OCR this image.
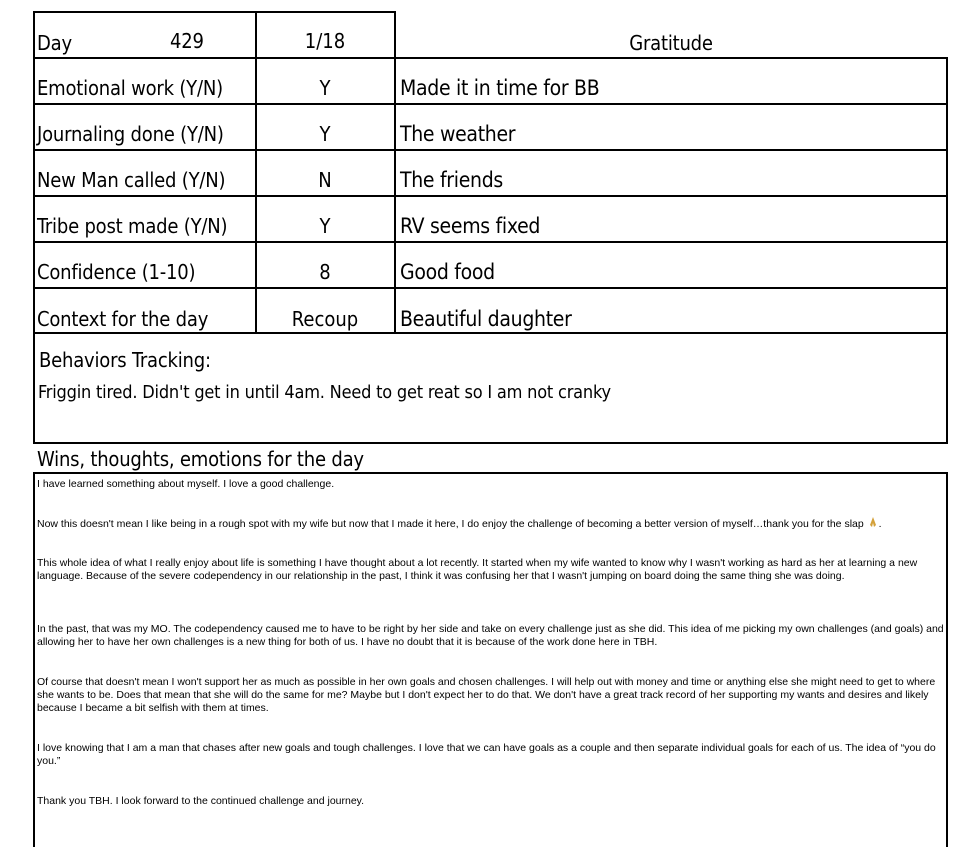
Day	429	1/18	Gratitude
Emotional work (Y/N)	Y	Made it in time for BB
Journaling done (Y/N)	Y	The weather
New Man called (Y/N)	N	The friends
Tribe post made (Y/N)	Y	RV seems fixed
Confidence (1-10)	8	Good food
Context for the day	Recoup	Beautiful daughter
Behaviors Tracking:
Friggin tired. Didn't get in until 4am. Need to get reat so I am not cranky
Wins, thoughts, emotions for the day
I have learned something about myself. I love a good challenge.
Now this doesn't mean I like being in a rough spot with my wife but now that I made it here, I do enjoy the challenge of becoming a better version of myself…thank you for the slap .
This whole idea of what I really enjoy about life is something I have thought about a lot recently. It started when my wife wanted to know why I wasn't working as hard as her at learning a new language. Because of the severe codependency in our relationship in the past, I think it was confusing her that I wasn't jumping on board doing the same thing she was doing.
In the past, that was my MO. The codependency caused me to have to be right by her side and take on every challenge just as she did. This idea of me picking my own challenges (and goals) and allowing her to have her own challenges is a new thing for both of us. I have no doubt that it is because of the work done here in TBH.
Of course that doesn't mean I won't support her as much as possible in her own goals and chosen challenges. I will help out with money and time or anything else she might need to get to where she wants to be. Does that mean that she will do the same for me? Maybe but I don't expect her to do that. We don't have a great track record of her supporting my wants and desires and likely because I became a bit selfish with them at times.
I love knowing that I am a man that chases after new goals and tough challenges. I love that we can have goals as a couple and then separate individual goals for each of us. The idea of “you do you.”
Thank you TBH. I look forward to the continued challenge and journey.
